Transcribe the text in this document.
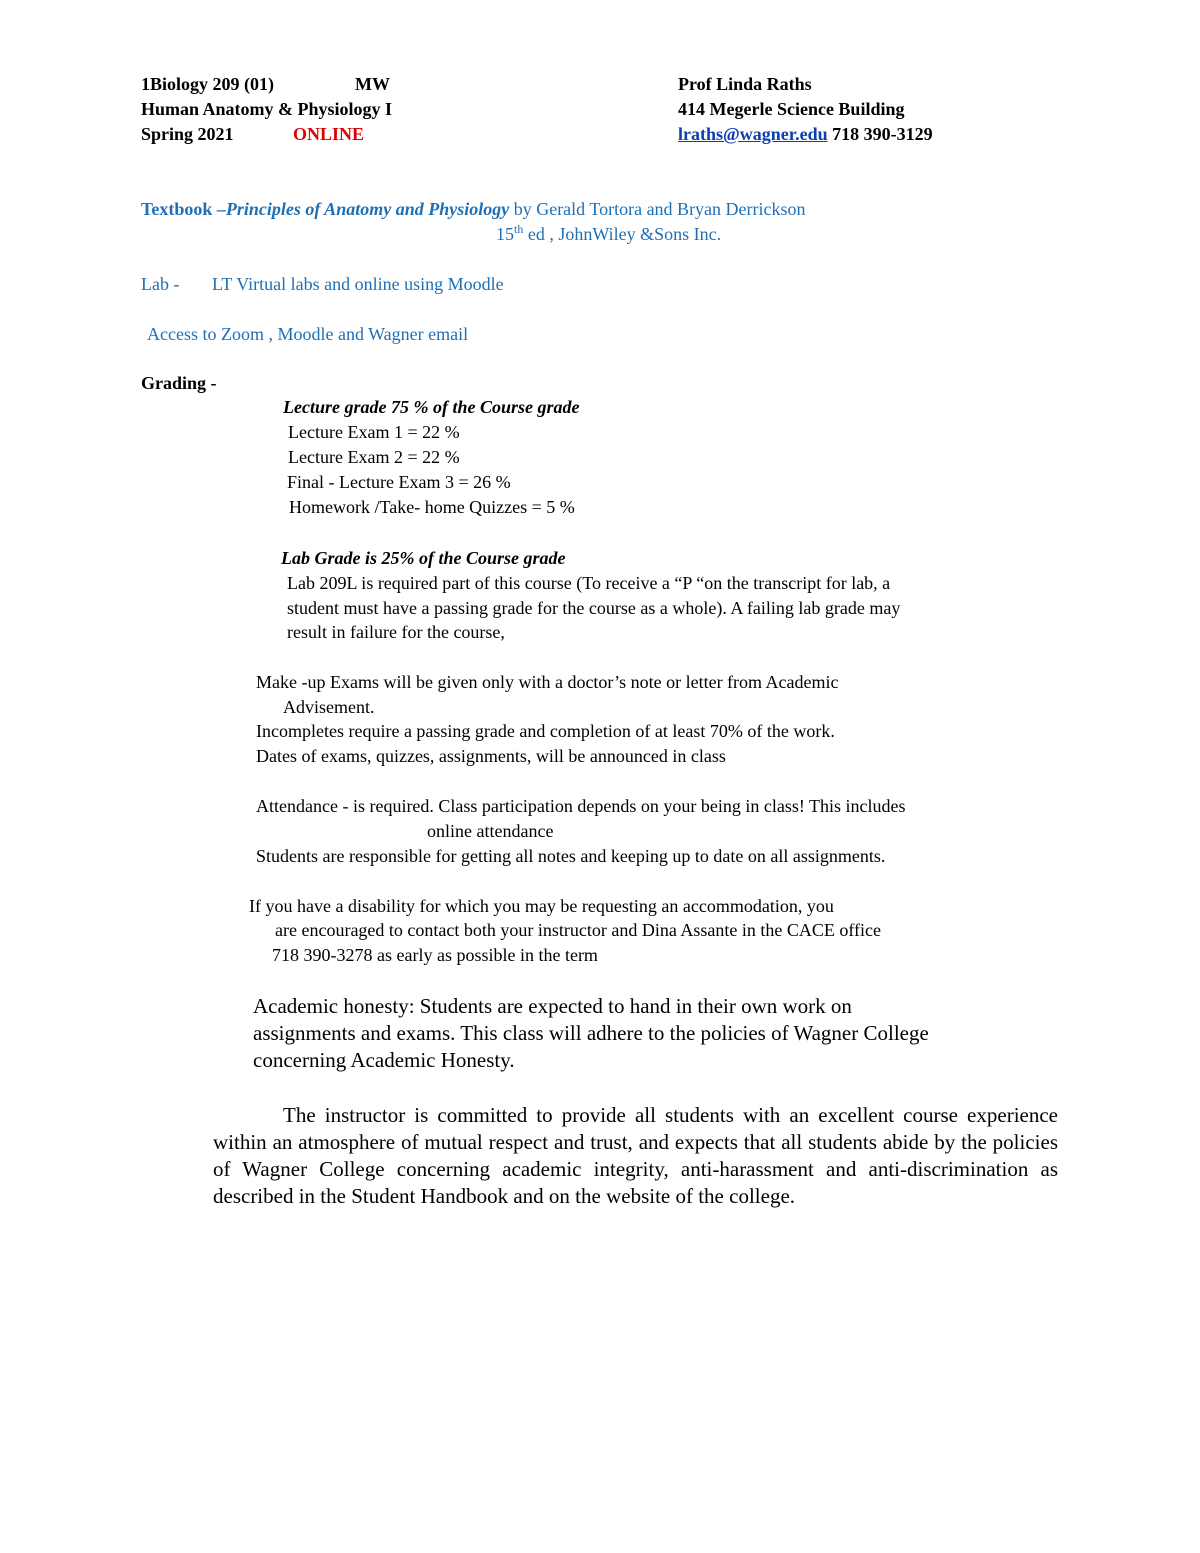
1Biology 209 (01)	MW
Human Anatomy & Physiology I
Spring 2021	ONLINE
Prof Linda Raths
414 Megerle Science Building
lraths@wagner.edu 718 390-3129
Textbook –Principles of Anatomy and Physiology by Gerald Tortora and Bryan Derrickson
15th ed , JohnWiley &Sons Inc.
Lab - LT Virtual labs and online using Moodle
Access to Zoom , Moodle and Wagner email
Grading -
Lecture grade 75 % of the Course grade
Lecture Exam 1 = 22 %
Lecture Exam 2 = 22 %
Final - Lecture Exam 3 = 26 %
Homework /Take- home Quizzes = 5 %
Lab Grade is 25% of the Course grade
Lab 209L is required part of this course (To receive a “P “on the transcript for lab, a
student must have a passing grade for the course as a whole). A failing lab grade may
result in failure for the course,
Make -up Exams will be given only with a doctor’s note or letter from Academic
Advisement.
Incompletes require a passing grade and completion of at least 70% of the work.
Dates of exams, quizzes, assignments, will be announced in class
Attendance - is required. Class participation depends on your being in class! This includes
online attendance
Students are responsible for getting all notes and keeping up to date on all assignments.
If you have a disability for which you may be requesting an accommodation, you
are encouraged to contact both your instructor and Dina Assante in the CACE office
718 390-3278 as early as possible in the term
Academic honesty: Students are expected to hand in their own work on
assignments and exams. This class will adhere to the policies of Wagner College
concerning Academic Honesty.
The instructor is committed to provide all students with an excellent course experience within an atmosphere of mutual respect and trust, and expects that all students abide by the policies of Wagner College concerning academic integrity, anti-harassment and anti-discrimination as described in the Student Handbook and on the website of the college.
